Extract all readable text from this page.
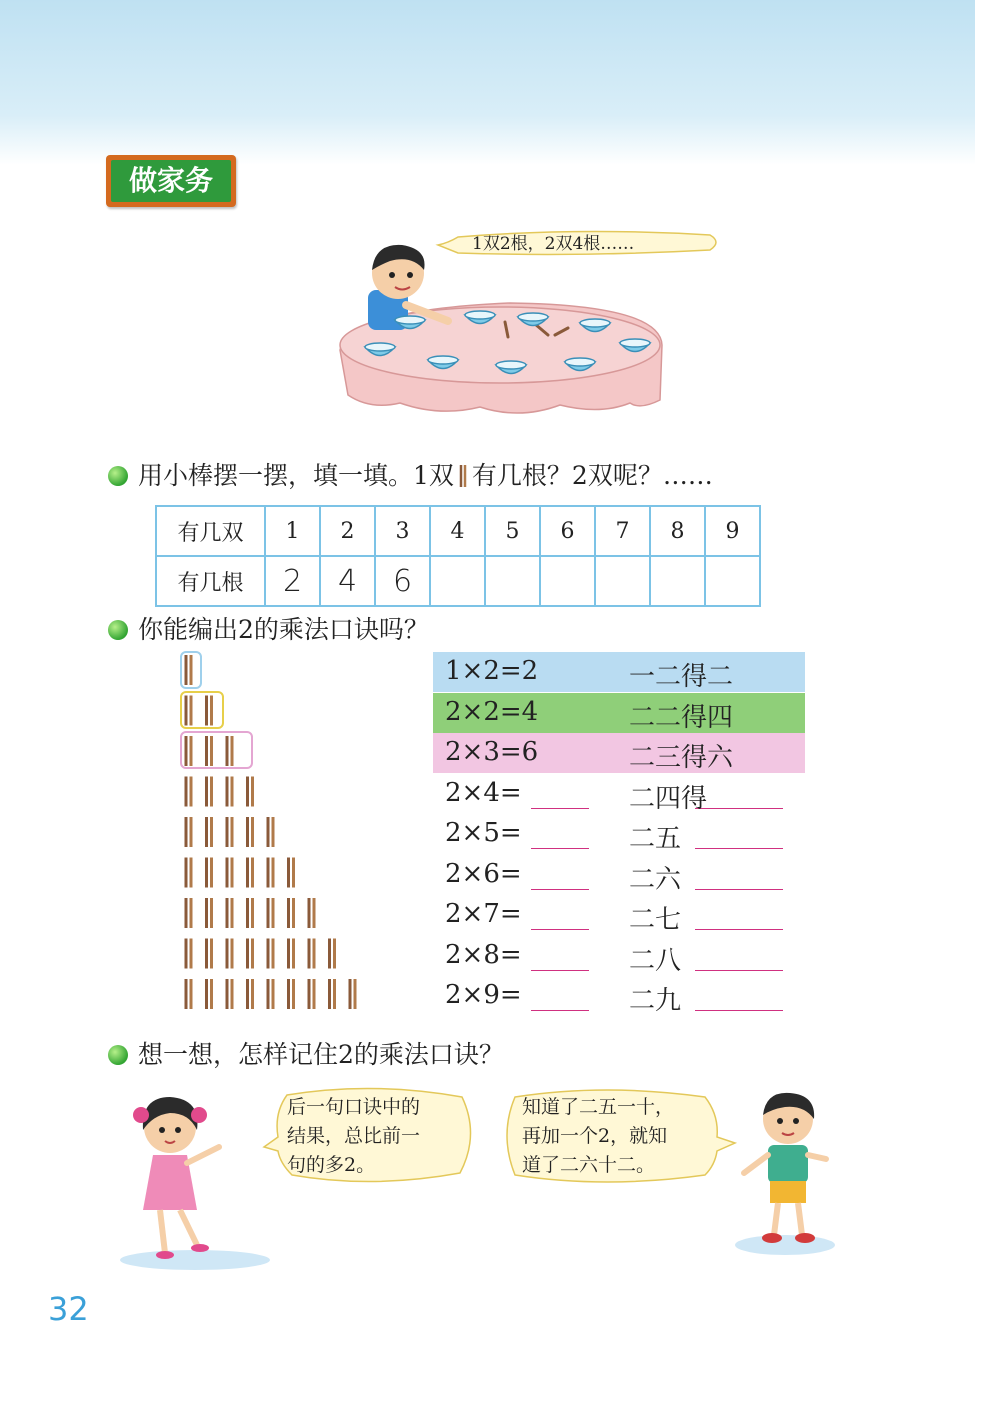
做家务
1双2根，2双4根……
用小棒摆一摆，填一填。1双 有几根？2双呢？……
有几双	1	2	3	4	5	6	7	8	9
有几根	2	4	6						
你能编出2的乘法口诀吗？
1×2=2	一二得二
2×2=4	二二得四
2×3=6	二三得六
2×4=	二四得
2×5=	二五
2×6=	二六
2×7=	二七
2×8=	二八
2×9=	二九
想一想，怎样记住2的乘法口诀？
后一句口诀中的
结果，总比前一
句的多2。
知道了二五一十，
再加一个2，就知
道了二六十二。
32
